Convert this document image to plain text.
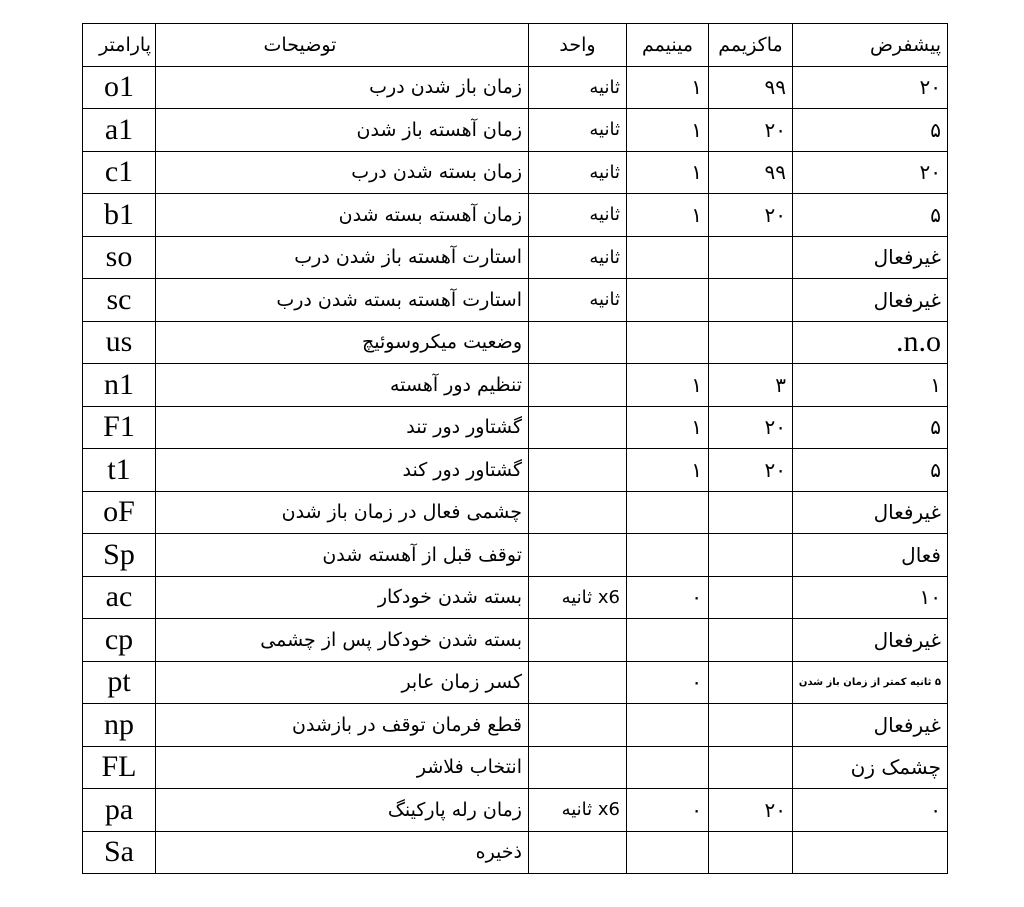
پارامتر	توضیحات	واحد	مینیمم	ماکزیمم	پیشفرض
o1	زمان باز شدن درب	ثانیه	۱	۹۹	۲۰
a1	زمان آهسته باز شدن	ثانیه	۱	۲۰	۵
c1	زمان بسته شدن درب	ثانیه	۱	۹۹	۲۰
b1	زمان آهسته بسته شدن	ثانیه	۱	۲۰	۵
so	استارت آهسته باز شدن درب	ثانیه			غیرفعال
sc	استارت آهسته بسته شدن درب	ثانیه			غیرفعال
us	وضعیت میکروسوئیچ				n.o.
n1	تنظیم دور آهسته		۱	۳	۱
F1	گشتاور دور تند		۱	۲۰	۵
t1	گشتاور دور کند		۱	۲۰	۵
oF	چشمی فعال در زمان باز شدن				غیرفعال
Sp	توقف قبل از آهسته شدن				فعال
ac	بسته شدن خودکار	x6 ثانیه	۰		۱۰
cp	بسته شدن خودکار پس از چشمی				غیرفعال
pt	کسر زمان عابر		۰		۵ ثانیه کمتر از زمان باز شدن
np	قطع فرمان توقف در بازشدن				غیرفعال
FL	انتخاب فلاشر				چشمک زن
pa	زمان رله پارکینگ	x6 ثانیه	۰	۲۰	۰
Sa	ذخیره				
